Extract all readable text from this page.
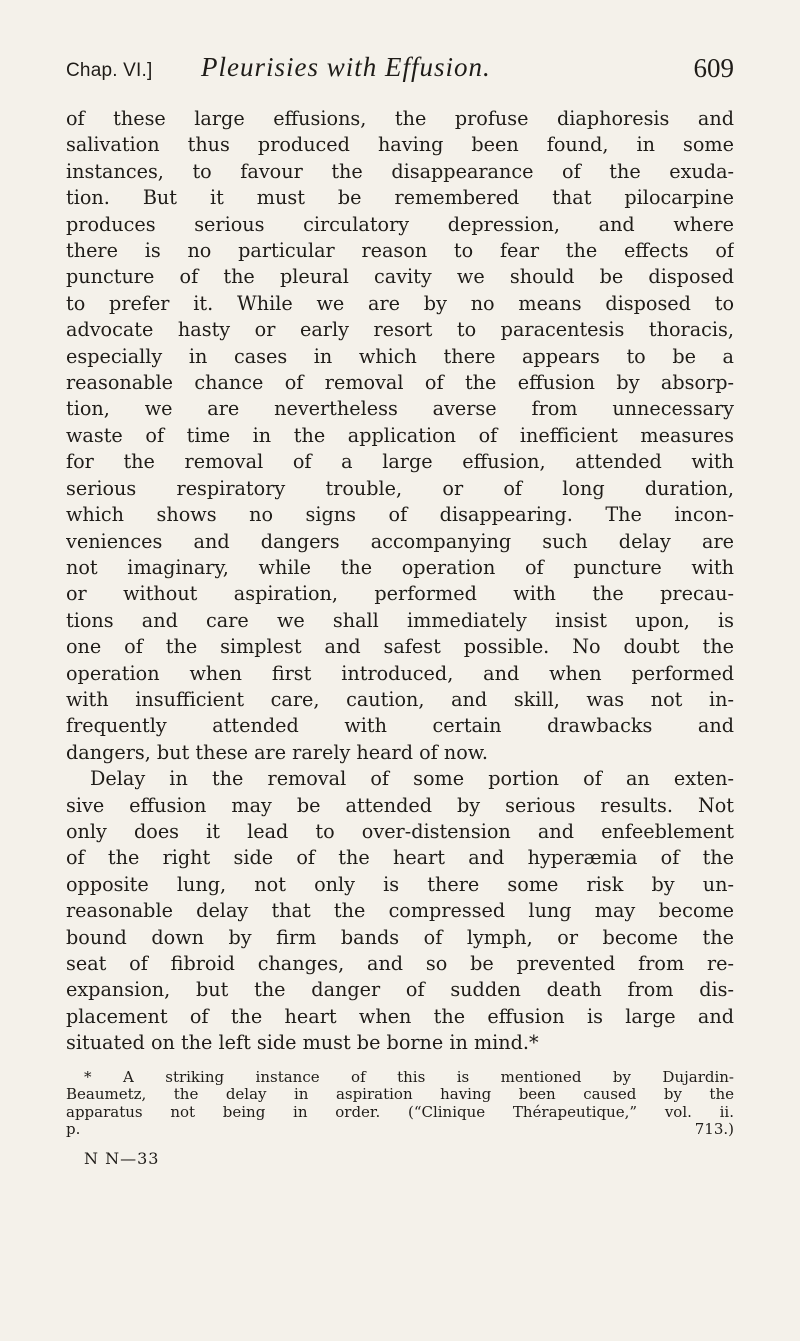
Chap. VI.] Pleurisies with Effusion.	609
of these large effusions, the profuse diaphoresis and
salivation thus produced having been found, in some
instances, to favour the disappearance of the exuda-
tion. But it must be remembered that pilocarpine
produces serious circulatory depression, and where
there is no particular reason to fear the effects of
puncture of the pleural cavity we should be disposed
to prefer it. While we are by no means disposed to
advocate hasty or early resort to paracentesis thoracis,
especially in cases in which there appears to be a
reasonable chance of removal of the effusion by absorp-
tion, we are nevertheless averse from unnecessary
waste of time in the application of inefficient measures
for the removal of a large effusion, attended with
serious respiratory trouble, or of long duration,
which shows no signs of disappearing. The incon-
veniences and dangers accompanying such delay are
not imaginary, while the operation of puncture with
or without aspiration, performed with the precau-
tions and care we shall immediately insist upon, is
one of the simplest and safest possible. No doubt the
operation when first introduced, and when performed
with insufficient care, caution, and skill, was not in-
frequently attended with certain drawbacks and
dangers, but these are rarely heard of now.
Delay in the removal of some portion of an exten-
sive effusion may be attended by serious results. Not
only does it lead to over-distension and enfeeblement
of the right side of the heart and hyperæmia of the
opposite lung, not only is there some risk by un-
reasonable delay that the compressed lung may become
bound down by firm bands of lymph, or become the
seat of fibroid changes, and so be prevented from re-
expansion, but the danger of sudden death from dis-
placement of the heart when the effusion is large and
situated on the left side must be borne in mind.*
* A striking instance of this is mentioned by Dujardin-
Beaumetz, the delay in aspiration having been caused by the
apparatus not being in order. (“Clinique Thérapeutique,” vol. ii.
p. 713.)
N N—33
